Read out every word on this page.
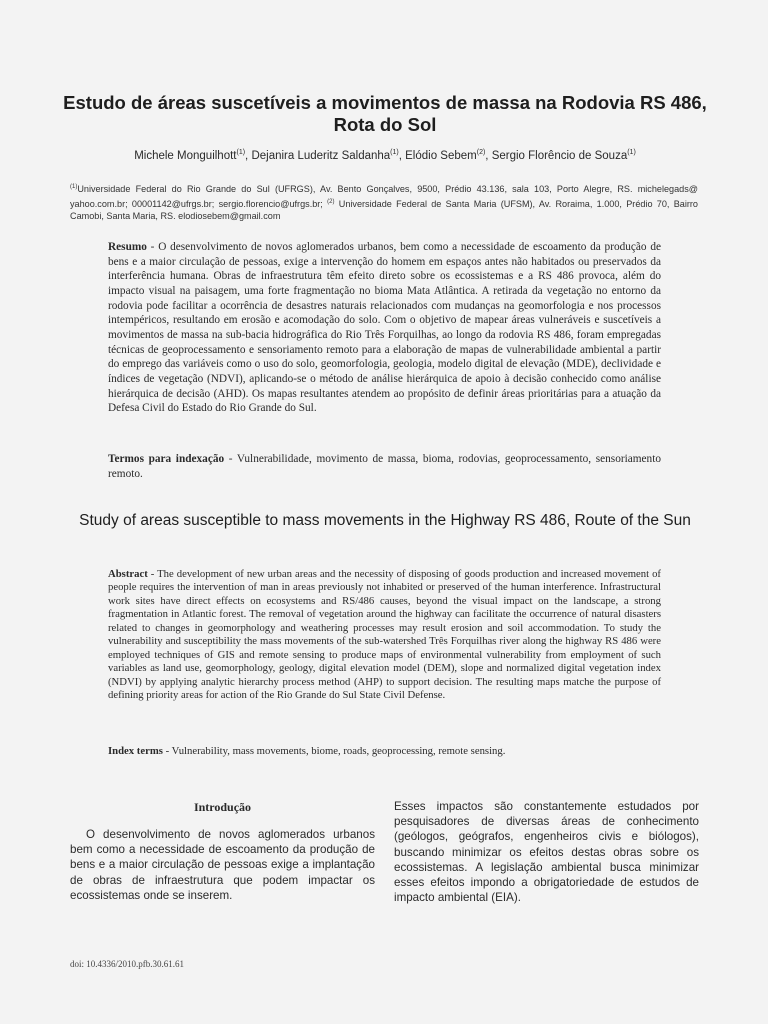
Estudo de áreas suscetíveis a movimentos de massa na Rodovia RS 486, Rota do Sol
Michele Monguilhott$^{(1)}$, Dejanira Luderitz Saldanha$^{(1)}$, Elódio Sebem$^{(2)}$, Sergio Florêncio de Souza$^{(1)}$
$^{(1)}$Universidade Federal do Rio Grande do Sul (UFRGS), Av. Bento Gonçalves, 9500, Prédio 43.136, sala 103, Porto Alegre, RS. michelegads@ yahoo.com.br; 00001142@ufrgs.br; sergio.florencio@ufrgs.br; $^{(2)}$ Universidade Federal de Santa Maria (UFSM), Av. Roraima, 1.000, Prédio 70, Bairro Camobi, Santa Maria, RS. elodiosebem@gmail.com
Resumo - O desenvolvimento de novos aglomerados urbanos, bem como a necessidade de escoamento da produção de bens e a maior circulação de pessoas, exige a intervenção do homem em espaços antes não habitados ou preservados da interferência humana. Obras de infraestrutura têm efeito direto sobre os ecossistemas e a RS 486 provoca, além do impacto visual na paisagem, uma forte fragmentação no bioma Mata Atlântica. A retirada da vegetação no entorno da rodovia pode facilitar a ocorrência de desastres naturais relacionados com mudanças na geomorfologia e nos processos intempéricos, resultando em erosão e acomodação do solo. Com o objetivo de mapear áreas vulneráveis e suscetíveis a movimentos de massa na sub-bacia hidrográfica do Rio Três Forquilhas, ao longo da rodovia RS 486, foram empregadas técnicas de geoprocessamento e sensoriamento remoto para a elaboração de mapas de vulnerabilidade ambiental a partir do emprego das variáveis como o uso do solo, geomorfologia, geologia, modelo digital de elevação (MDE), declividade e índices de vegetação (NDVI), aplicando-se o método de análise hierárquica de apoio à decisão conhecido como análise hierárquica de decisão (AHD). Os mapas resultantes atendem ao propósito de definir áreas prioritárias para a atuação da Defesa Civil do Estado do Rio Grande do Sul.
Termos para indexação - Vulnerabilidade, movimento de massa, bioma, rodovias, geoprocessamento, sensoriamento remoto.
Study of areas susceptible to mass movements in the Highway RS 486, Route of the Sun
Abstract - The development of new urban areas and the necessity of disposing of goods production and increased movement of people requires the intervention of man in areas previously not inhabited or preserved of the human interference. Infrastructural work sites have direct effects on ecosystems and RS/486 causes, beyond the visual impact on the landscape, a strong fragmentation in Atlantic forest. The removal of vegetation around the highway can facilitate the occurrence of natural disasters related to changes in geomorphology and weathering processes may result erosion and soil accommodation. To study the vulnerability and susceptibility the mass movements of the sub-watershed Três Forquilhas river along the highway RS 486 were employed techniques of GIS and remote sensing to produce maps of environmental vulnerability from employment of such variables as land use, geomorphology, geology, digital elevation model (DEM), slope and normalized digital vegetation index (NDVI) by applying analytic hierarchy process method (AHP) to support decision. The resulting maps matche the purpose of defining priority areas for action of the Rio Grande do Sul State Civil Defense.
Index terms - Vulnerability, mass movements, biome, roads, geoprocessing, remote sensing.
Introdução
O desenvolvimento de novos aglomerados urbanos bem como a necessidade de escoamento da produção de bens e a maior circulação de pessoas exige a implantação de obras de infraestrutura que podem impactar os ecossistemas onde se inserem.
Esses impactos são constantemente estudados por pesquisadores de diversas áreas de conhecimento (geólogos, geógrafos, engenheiros civis e biólogos), buscando minimizar os efeitos destas obras sobre os ecossistemas. A legislação ambiental busca minimizar esses efeitos impondo a obrigatoriedade de estudos de impacto ambiental (EIA).
doi: 10.4336/2010.pfb.30.61.61
